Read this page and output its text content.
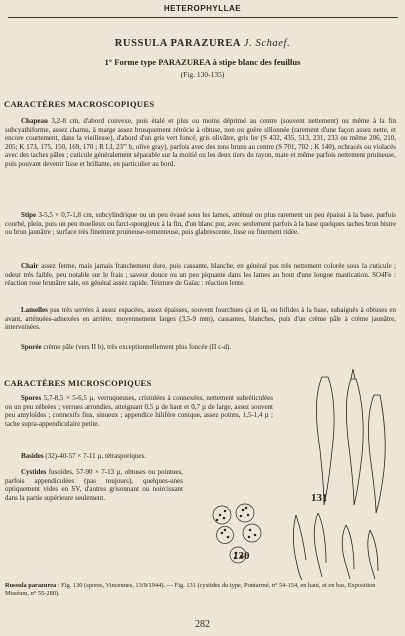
HETEROPHYLLAE
RUSSULA PARAZUREA J. Schaef.
1° Forme type PARAZUREA à stipe blanc des feuillus
(Fig. 130-135)
CARACTÈRES MACROSCOPIQUES

Chapeau 3,2-8 cm, d'abord convexe, puis étalé et plus ou moins déprimé au centre (souvent nettement) ou même à la fin subcyathiforme, assez charnu, à marge assez brusquement rétrécie à obtuse, non ou guère sillonnée (rarement d'une façon assez nette, et encore courtement, dans la vieillesse), d'abord d'un gris vert foncé, gris olivâtre, gris fer (S 432, 435, 513, 231, 233 ou même 206, 210, 205; K 173, 175, 150, 169, 170 ; R LI, 23''' b, olive gray), parfois avec des tons bruns au centre (S 701, 702 ; K 140), ochracés ou violacés avec des taches pâles ; cuticule généralement séparable sur la moitié ou les deux tiers du rayon, mate et même parfois nettement pruineuse, puis pouvant devenir lisse et brillante, en particulier au bord.

Stipe 3-5,5 × 0,7-1,8 cm, subcylindrique ou un peu évasé sous les lames, atténué ou plus rarement un peu épaissi à la base, parfois courbé, plein, puis un peu moelleux ou farci-spongieux à la fin, d'un blanc pur, avec seulement parfois à la base quelques taches brun bistre ou brun jaunâtre ; surface très finement pruineuse-tomenteuse, puis glabrescente, lisse ou finement ridée.

Chair assez ferme, mais jamais franchement dure, puis cassante, blanche, en général pas très nettement colorée sous la cuticule ; odeur très faible, peu notable sur le frais ; saveur douce ou un peu piquante dans les lames au bout d'une longue mastication. SO4Fe : réaction rose brunâtre sale, en général assez rapide. Teinture de Gaïac : réaction lente.

Lamelles pas très serrées à assez espacées, assez épaisses, souvent fourchues çà et là, ou bifides à la base, subaiguës à obtuses en avant, atténuées-adnexées en arrière, moyennement larges (3,5-9 mm), cassantes, blanches, puis d'un crème pâle à crème jaunâtre, interveinées.

Sporée crème pâle (vers II b), très exceptionnellement plus foncée (II c-d).

CARACTÈRES MICROSCOPIQUES

Spores 5,7-8,5 × 5-6,5 µ, verruqueuses, cristulées à connexées, nettement subréticulées ou un peu zébrées ; verrues arrondies, atteignant 0,5 µ de haut et 0,7 µ de large, assez souvent peu amyloïdes ; connexifs fins, sinueux ; appendice hilifère conique, assez pointu, 1,5-1,4 µ ; tache supra-appendiculaire petite.

Basides (32)-40-57 × 7-11 µ, tétrasporiques.

Cystides fusoïdes, 57-90 × 7-13 µ, obtuses ou pointues, parfois appendiculées (pas toujours), quelques-unes optiquement vides en SV, d'autres grisonnant ou noircissant dans la partie supérieure seulement.	131
130
Russula parazurea : Fig. 130 (spores, Vincennes, 13/9/1944). — Fig. 131 (cystides du type, Pontarmé, n° 54-154, en haut, et en bas, Exposition Muséum, n° 55-280).
282
